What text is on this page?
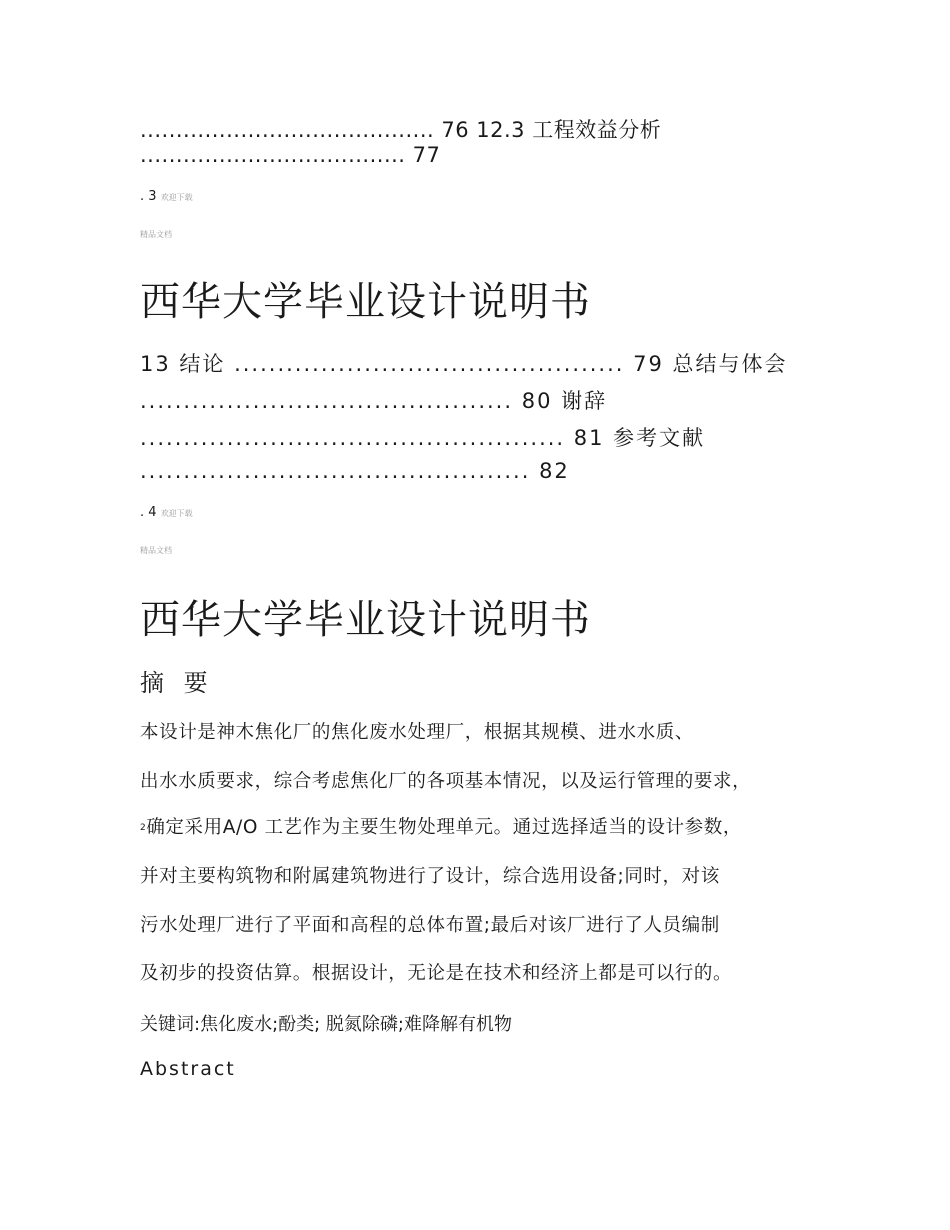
......................................... 76 12.3 工程效益分析
..................................... 77
. 3 欢迎下载
精品文档
西华大学毕业设计说明书
13 结论 ............................................. 79 总结与体会
........................................... 80 谢辞
................................................. 81 参考文献
............................................. 82
. 4 欢迎下载
精品文档
西华大学毕业设计说明书
摘 要
本设计是神木焦化厂的焦化废水处理厂，根据其规模、进水水质、
出水水质要求，综合考虑焦化厂的各项基本情况，以及运行管理的要求，
2确定采用A/O 工艺作为主要生物处理单元。通过选择适当的设计参数，
并对主要构筑物和附属建筑物进行了设计，综合选用设备;同时，对该
污水处理厂进行了平面和高程的总体布置;最后对该厂进行了人员编制
及初步的投资估算。根据设计，无论是在技术和经济上都是可以行的。
关键词:焦化废水;酚类; 脱氮除磷;难降解有机物
Abstract
